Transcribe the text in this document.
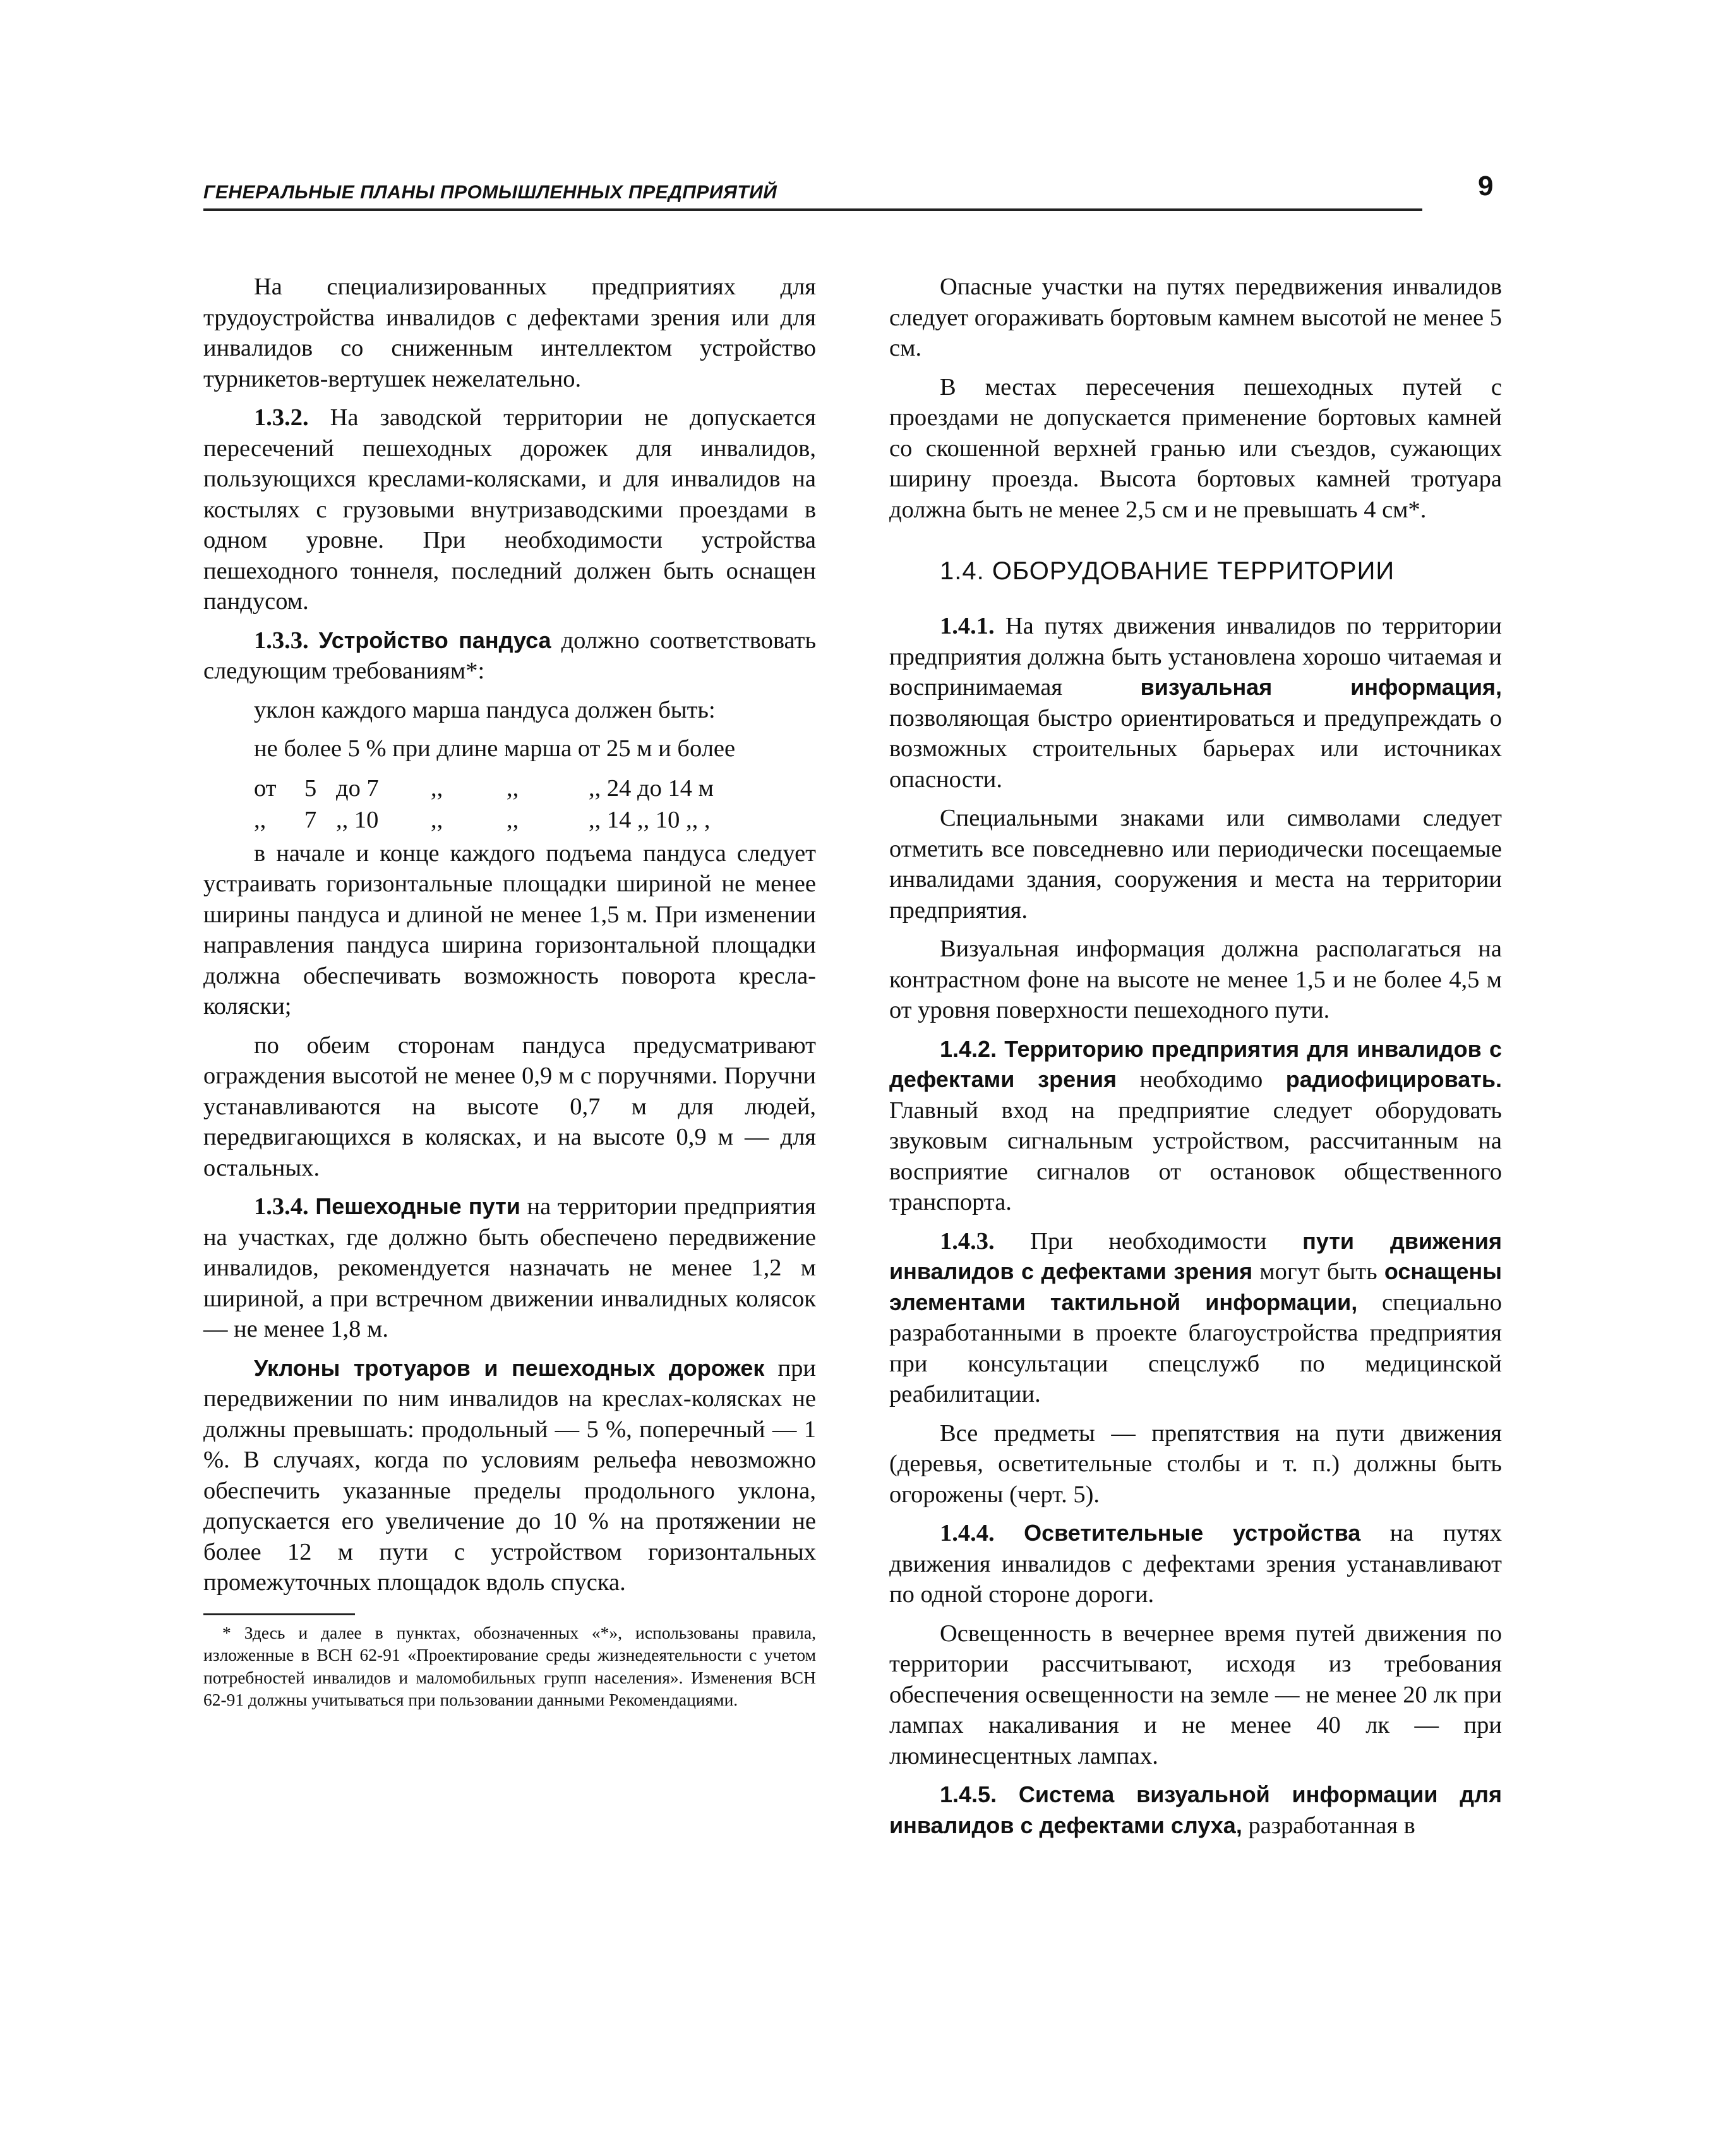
ГЕНЕРАЛЬНЫЕ ПЛАНЫ ПРОМЫШЛЕННЫХ ПРЕДПРИЯТИЙ	9

На специализированных предприятиях для трудоустройства инвалидов с дефектами зрения или для инвалидов со сниженным интеллектом устройство турникетов-вертушек нежелательно.

1.3.2. На заводской территории не допускается пересечений пешеходных дорожек для инвалидов, пользующихся креслами-колясками, и для инвалидов на костылях с грузовыми внутризаводскими проездами в одном уровне. При необходимости устройства пешеходного тоннеля, последний должен быть оснащен пандусом.

1.3.3. Устройство пандуса должно соответствовать следующим требованиям*:

уклон каждого марша пандуса должен быть:

не более 5 % при длине марша от 25 м и более

от	5	до 7	,,	,,	,, 24 до 14 м
,,	7	,, 10	,,	,,	,, 14 ,, 10 ,, ,

в начале и конце каждого подъема пандуса следует устраивать горизонтальные площадки шириной не менее ширины пандуса и длиной не менее 1,5 м. При изменении направления пандуса ширина горизонтальной площадки должна обеспечивать возможность поворота кресла-коляски;

по обеим сторонам пандуса предусматривают ограждения высотой не менее 0,9 м с поручнями. Поручни устанавливаются на высоте 0,7 м для людей, передвигающихся в колясках, и на высоте 0,9 м — для остальных.

1.3.4. Пешеходные пути на территории предприятия на участках, где должно быть обеспечено передвижение инвалидов, рекомендуется назначать не менее 1,2 м шириной, а при встречном движении инвалидных колясок — не менее 1,8 м.

Уклоны тротуаров и пешеходных дорожек при передвижении по ним инвалидов на креслах-колясках не должны превышать: продольный — 5 %, поперечный — 1 %. В случаях, когда по условиям рельефа невозможно обеспечить указанные пределы продольного уклона, допускается его увеличение до 10 % на протяжении не более 12 м пути с устройством горизонтальных промежуточных площадок вдоль спуска.

* Здесь и далее в пунктах, обозначенных «*», использованы правила, изложенные в ВСН 62-91 «Проектирование среды жизнедеятельности с учетом потребностей инвалидов и маломобильных групп населения». Изменения ВСН 62-91 должны учитываться при пользовании данными Рекомендациями.

Опасные участки на путях передвижения инвалидов следует огораживать бортовым камнем высотой не менее 5 см.

В местах пересечения пешеходных путей с проездами не допускается применение бортовых камней со скошенной верхней гранью или съездов, сужающих ширину проезда. Высота бортовых камней тротуара должна быть не менее 2,5 см и не превышать 4 см*.

1.4. ОБОРУДОВАНИЕ ТЕРРИТОРИИ

1.4.1. На путях движения инвалидов по территории предприятия должна быть установлена хорошо читаемая и воспринимаемая	визуальная информация, позволяющая быстро ориентироваться и предупреждать о возможных строительных барьерах или источниках опасности.

Специальными знаками или символами следует отметить все повседневно или периодически посещаемые инвалидами здания, сооружения и места на территории предприятия.

Визуальная информация должна располагаться на контрастном фоне на высоте не менее 1,5 и не более 4,5 м от уровня поверхности пешеходного пути.

1.4.2. Территорию предприятия для инвалидов с дефектами зрения необходимо радиофицировать. Главный вход на предприятие следует оборудовать звуковым сигнальным устройством, рассчитанным на восприятие сигналов от остановок общественного транспорта.

1.4.3. При необходимости пути движения инвалидов с дефектами зрения могут быть оснащены элементами тактильной информации, специально разработанными в проекте благоустройства предприятия при консультации спецслужб по медицинской реабилитации.

Все предметы — препятствия на пути движения (деревья, осветительные столбы и т. п.) должны быть огорожены (черт. 5).

1.4.4. Осветительные устройства на путях движения инвалидов с дефектами зрения устанавливают по одной стороне дороги.

Освещенность в вечернее время путей движения по территории рассчитывают, исходя из требования обеспечения освещенности на земле — не менее 20 лк при лампах накаливания и не менее 40 лк — при люминесцентных лампах.

1.4.5. Система визуальной информации для инвалидов с дефектами слуха, разработанная в
